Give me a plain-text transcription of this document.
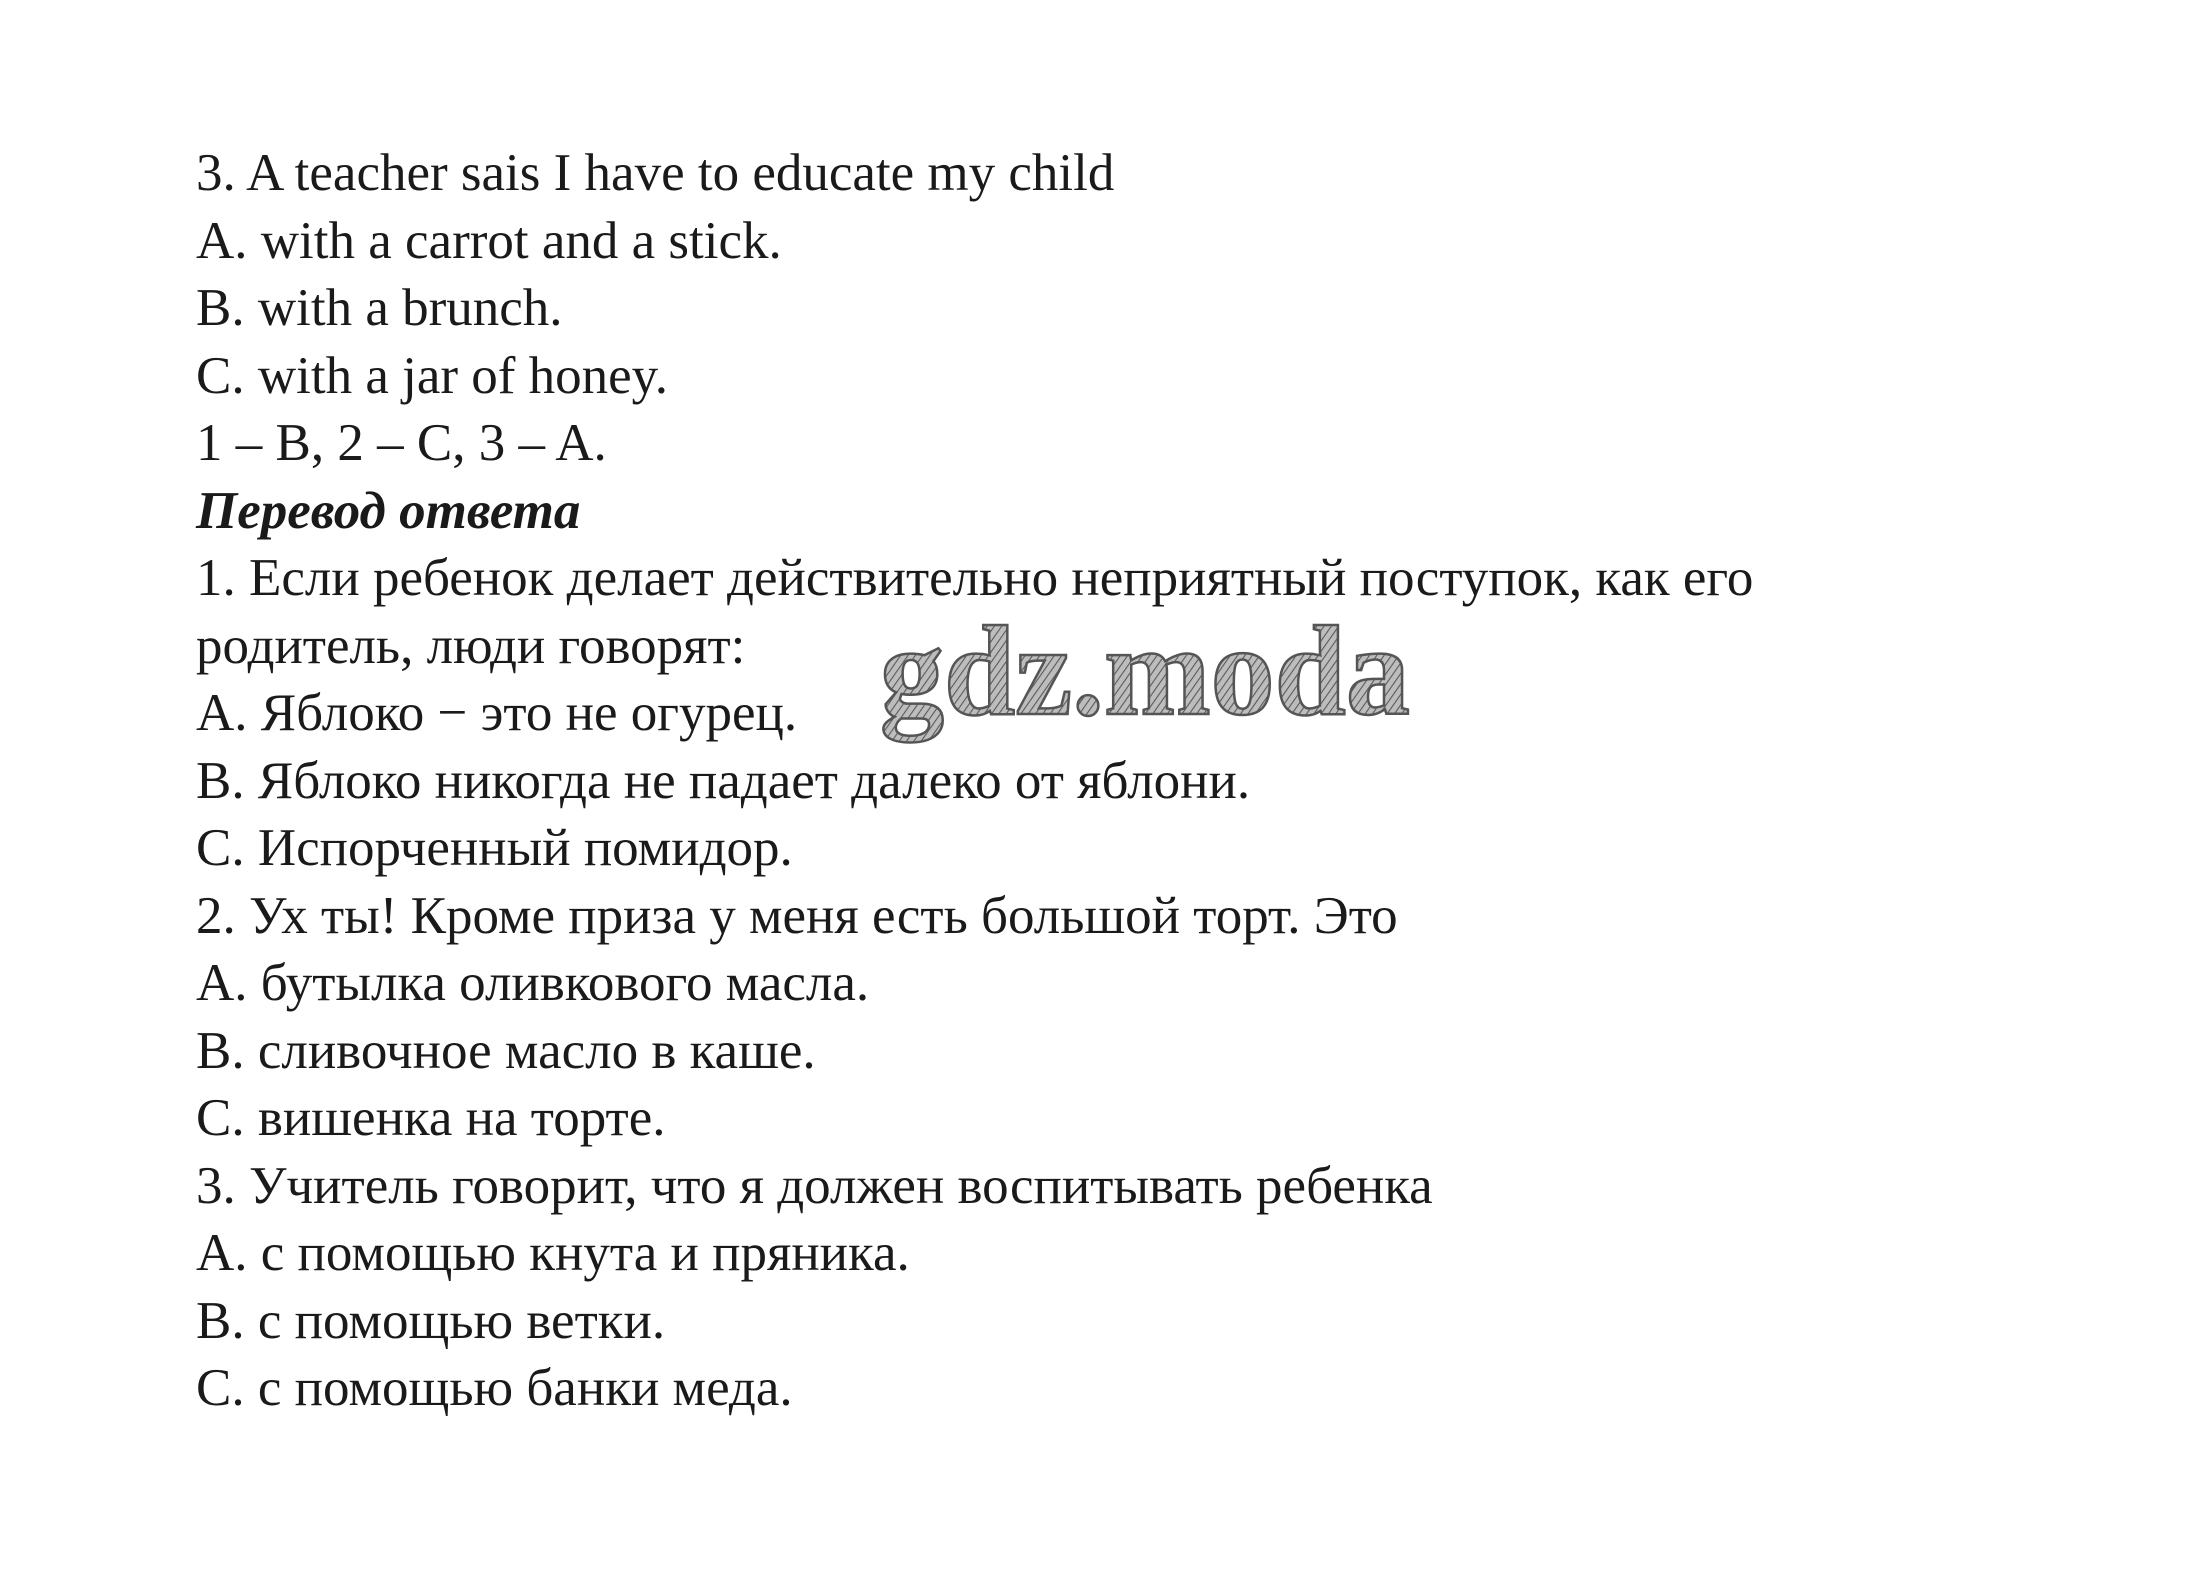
3. A teacher sais I have to educate my child

A. with a carrot and a stick.

B. with a brunch.

C. with a jar of honey.

1 – B, 2 – C, 3 – A.

Перевод ответа

1. Если ребенок делает действительно неприятный поступок, как его

родитель, люди говорят:

A. Яблоко − это не огурец.

B. Яблоко никогда не падает далеко от яблони.

C. Испорченный помидор.

2. Ух ты! Кроме приза у меня есть большой торт. Это

A. бутылка оливкового масла.

B. сливочное масло в каше.

C. вишенка на торте.

3. Учитель говорит, что я должен воспитывать ребенка

A. с помощью кнута и пряника.

B. с помощью ветки.

C. с помощью банки меда.

gdz.moda
